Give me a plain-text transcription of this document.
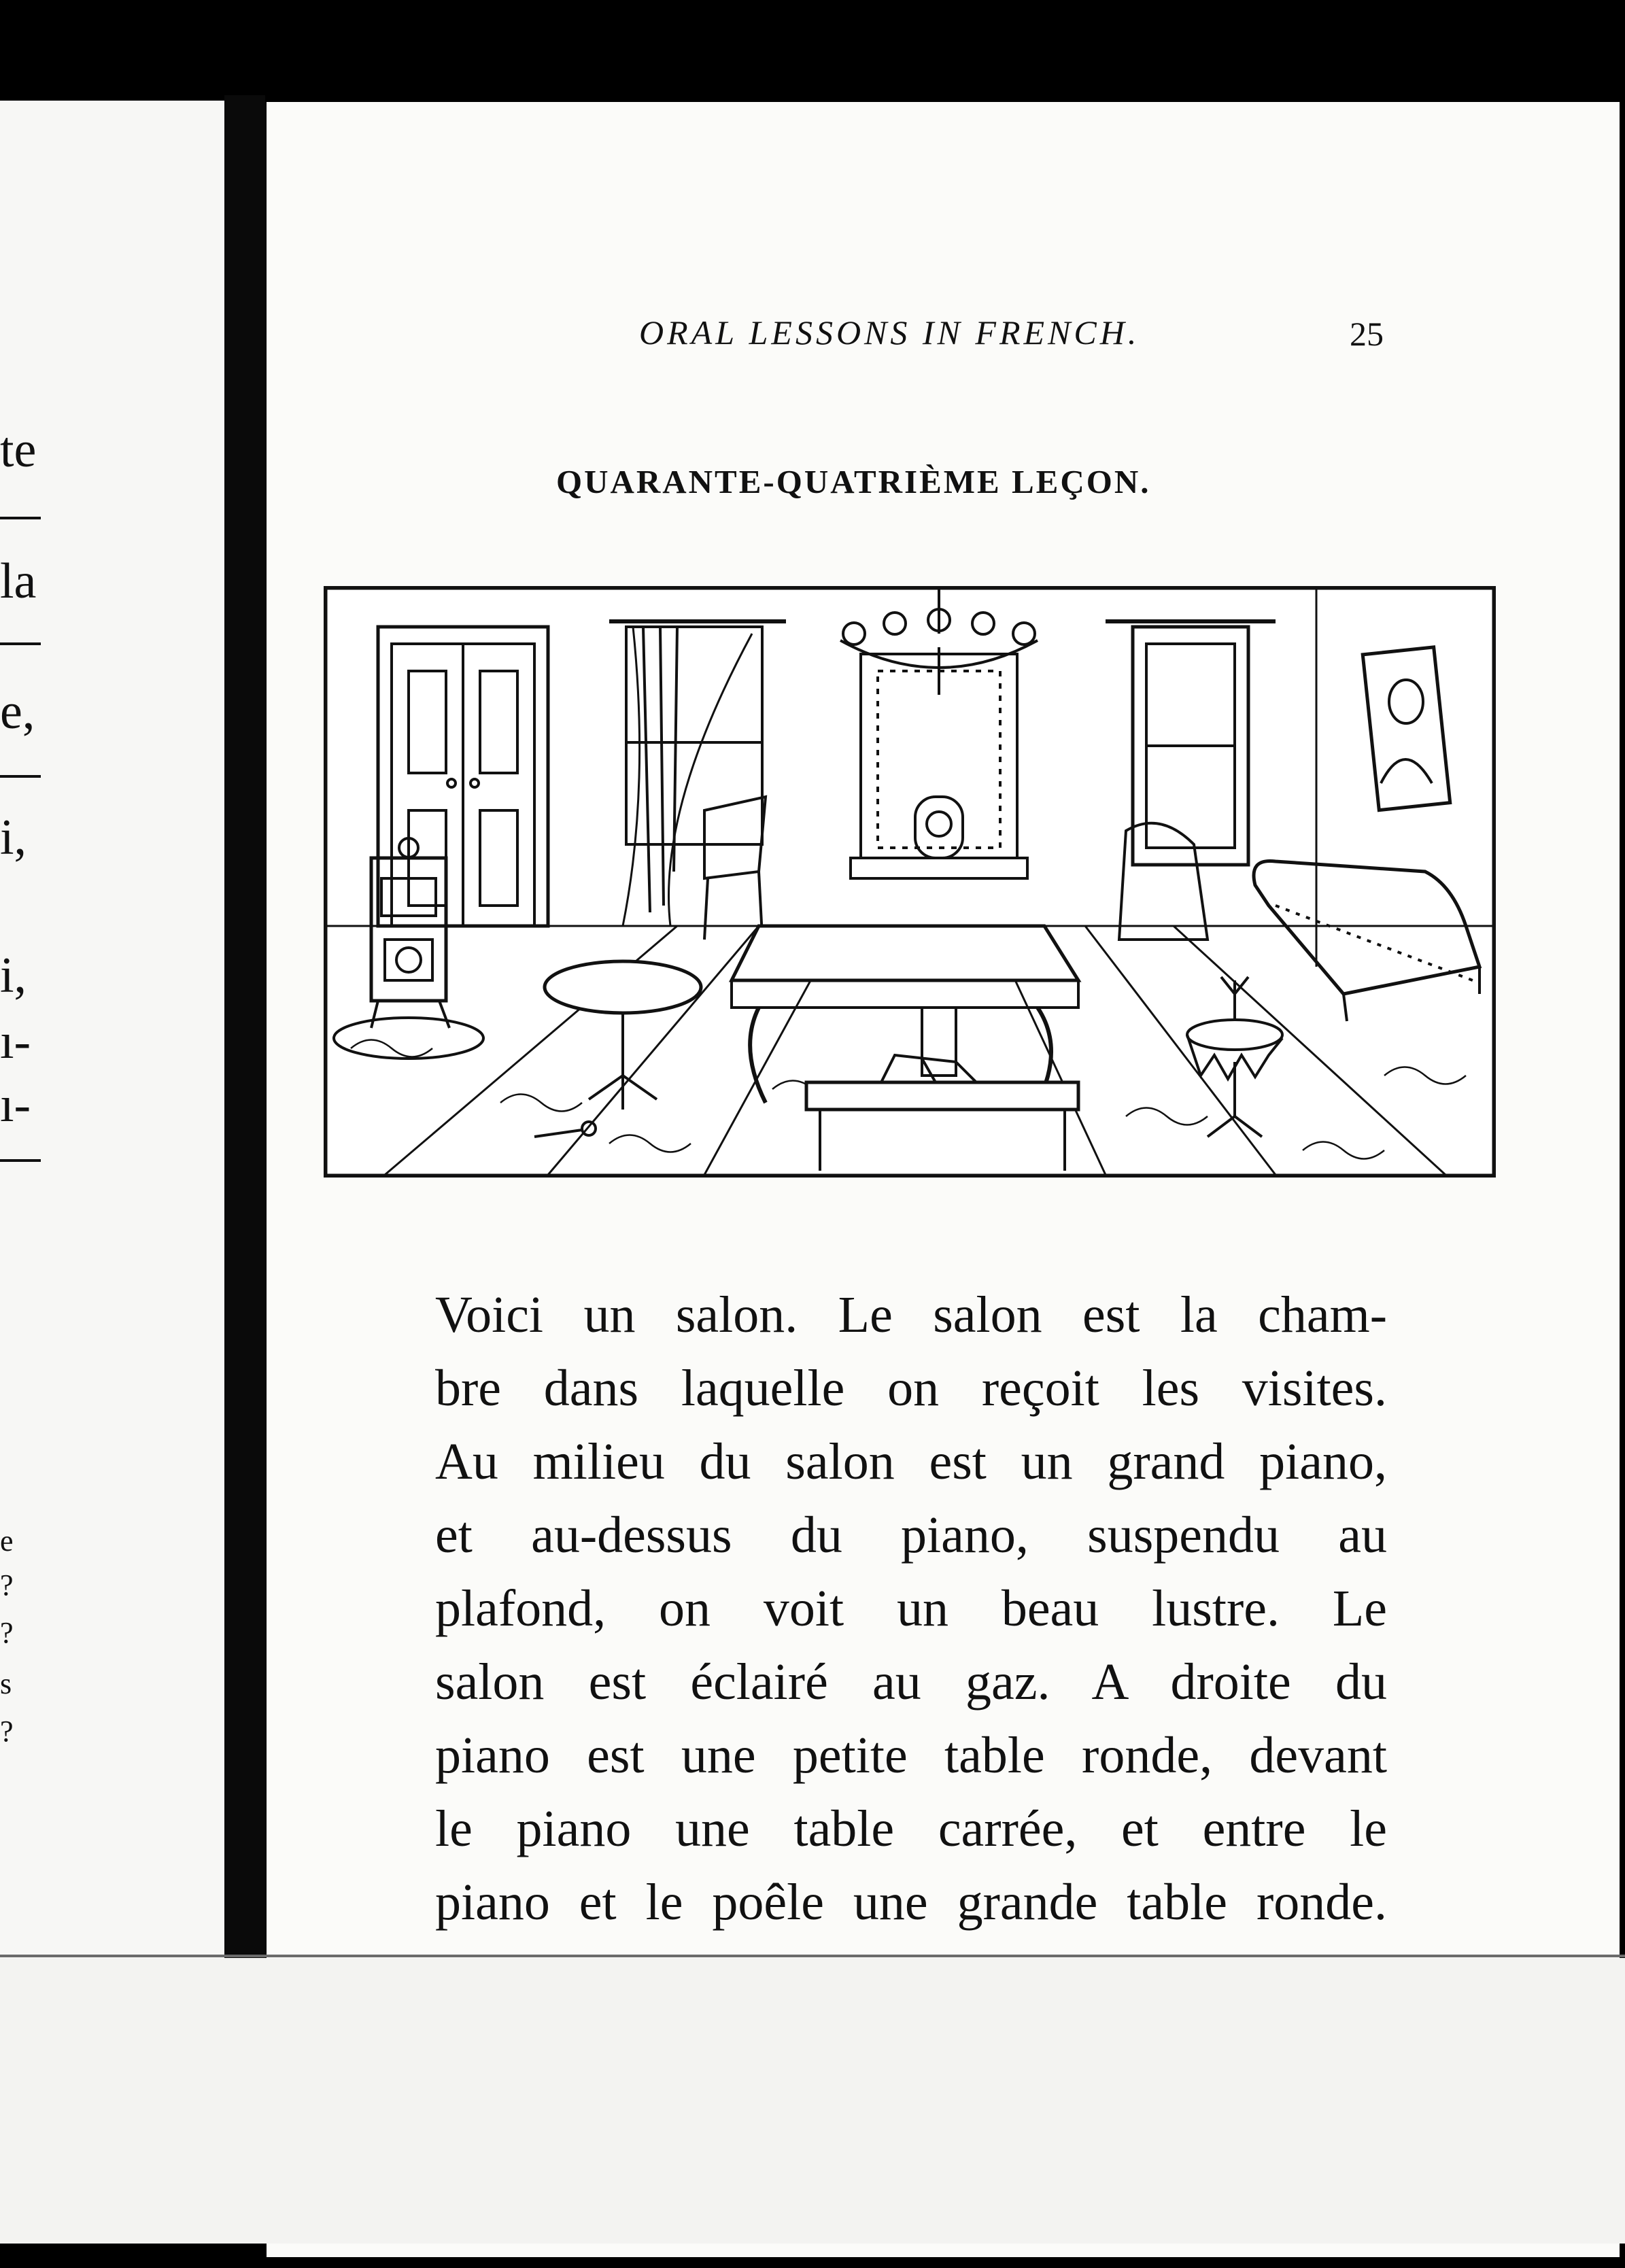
te
la
e,
i,
i,
ı-
ı-
e
?
?
s
?
ORAL LESSONS IN FRENCH.	25
QUARANTE-QUATRIÈME LEÇON.
Voici un salon. Le salon est la cham-
bre dans laquelle on reçoit les visites.
Au milieu du salon est un grand piano,
et au-dessus du piano, suspendu au
plafond, on voit un beau lustre. Le
salon est éclairé au gaz. A droite du
piano est une petite table ronde, devant
le piano une table carrée, et entre le
piano et le poêle une grande table ronde.
